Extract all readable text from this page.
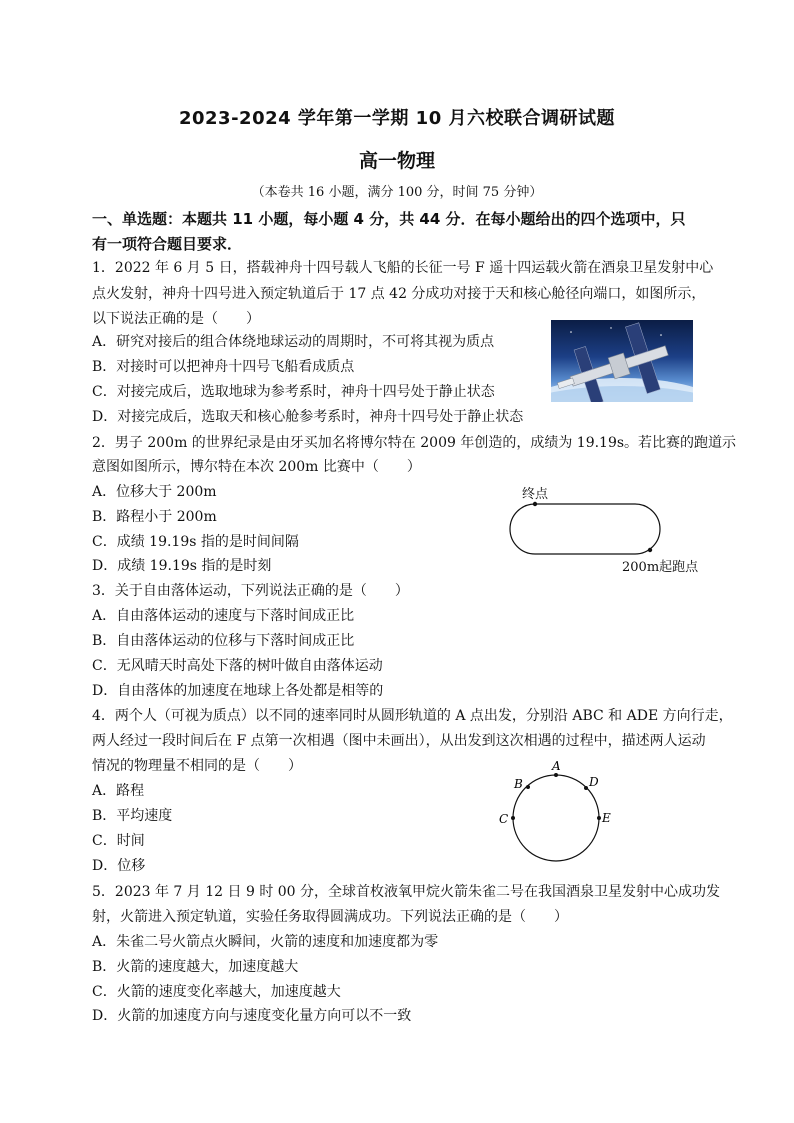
2023-2024 学年第一学期 10 月六校联合调研试题
高一物理
（本卷共 16 小题，满分 100 分，时间 75 分钟）
一、单选题：本题共 11 小题，每小题 4 分，共 44 分．在每小题给出的四个选项中，只
有一项符合题目要求．
1．2022 年 6 月 5 日，搭载神舟十四号载人飞船的长征一号 F 遥十四运载火箭在酒泉卫星发射中心
点火发射，神舟十四号进入预定轨道后于 17 点 42 分成功对接于天和核心舱径向端口，如图所示，
以下说法正确的是（　　）
A．研究对接后的组合体绕地球运动的周期时，不可将其视为质点
B．对接时可以把神舟十四号飞船看成质点
C．对接完成后，选取地球为参考系时，神舟十四号处于静止状态
D．对接完成后，选取天和核心舱参考系时，神舟十四号处于静止状态
2．男子 200m 的世界纪录是由牙买加名将博尔特在 2009 年创造的，成绩为 19.19s。若比赛的跑道示
意图如图所示，博尔特在本次 200m 比赛中（　　）
A．位移大于 200m
B．路程小于 200m
C．成绩 19.19s 指的是时间间隔
D．成绩 19.19s 指的是时刻
终点
200m起跑点
3．关于自由落体运动，下列说法正确的是（　　）
A．自由落体运动的速度与下落时间成正比
B．自由落体运动的位移与下落时间成正比
C．无风晴天时高处下落的树叶做自由落体运动
D．自由落体的加速度在地球上各处都是相等的
4．两个人（可视为质点）以不同的速率同时从圆形轨道的 A 点出发，分别沿 ABC 和 ADE 方向行走，
两人经过一段时间后在 F 点第一次相遇（图中未画出），从出发到这次相遇的过程中，描述两人运动
情况的物理量不相同的是（　　）
A．路程
B．平均速度
C．时间
D．位移
A
B
C
D
E
5．2023 年 7 月 12 日 9 时 00 分，全球首枚液氧甲烷火箭朱雀二号在我国酒泉卫星发射中心成功发
射，火箭进入预定轨道，实验任务取得圆满成功。下列说法正确的是（　　）
A．朱雀二号火箭点火瞬间，火箭的速度和加速度都为零
B．火箭的速度越大，加速度越大
C．火箭的速度变化率越大，加速度越大
D．火箭的加速度方向与速度变化量方向可以不一致
